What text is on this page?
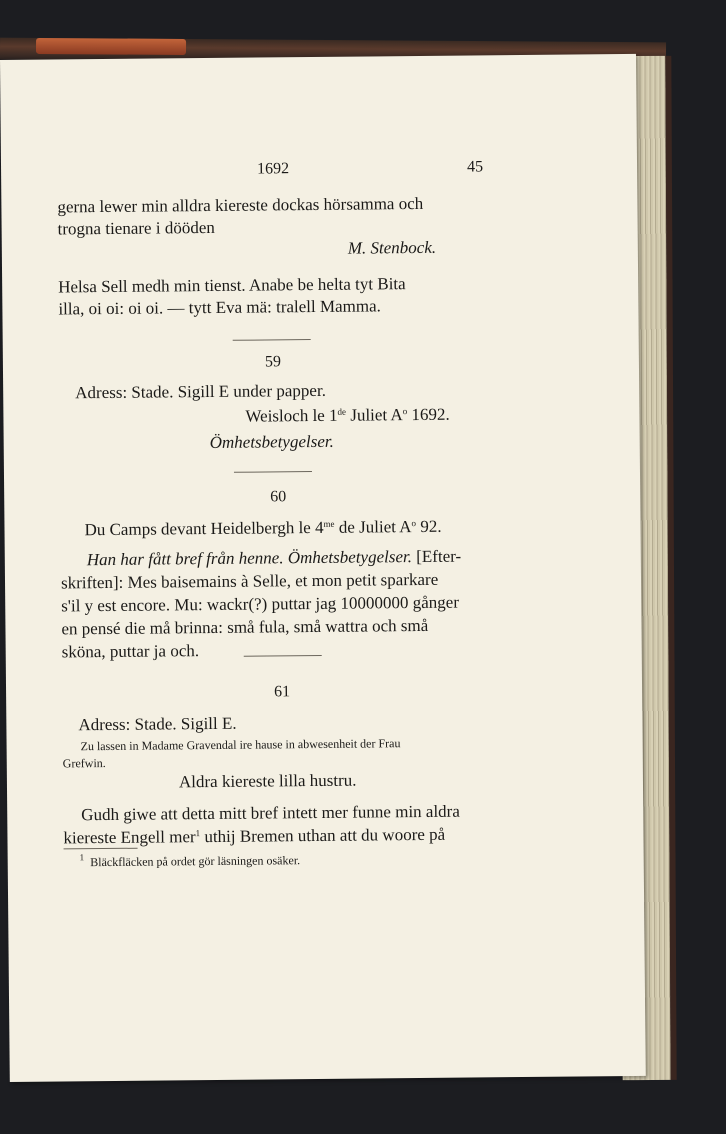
1692	45
gerna lewer min alldra kiereste dockas hörsamma och
trogna tienare i dööden
M. Stenbock.
Helsa Sell medh min tienst. Anabe be helta tyt Bita
illa, oi oi: oi oi. — tytt Eva mä: tralell Mamma.
59
Adress: Stade. Sigill E under papper.
Weisloch le 1de Juliet $A^o$ 1692.
Ömhetsbetygelser.
60
Du Camps devant Heidelbergh le $4^{me}$ de Juliet $A^o$ 92.
Han har fått bref från henne. Ömhetsbetygelser. [Efter-
skriften]: Mes baisemains à Selle, et mon petit sparkare
s'il y est encore. Mu: wackr(?) puttar jag 10000000 gånger
en pensé die må brinna: små fula, små wattra och små
sköna, puttar ja och.
61
Adress: Stade. Sigill E.
Zu lassen in Madame Gravendal ire hause in abwesenheit der Frau
Grefwin.
Aldra kiereste lilla hustru.
Gudh giwe att detta mitt bref intett mer funne min aldra
kiereste Engell mer$^1$ uthij Bremen uthan att du woore på
$^1$ Bläckfläcken på ordet gör läsningen osäker.
